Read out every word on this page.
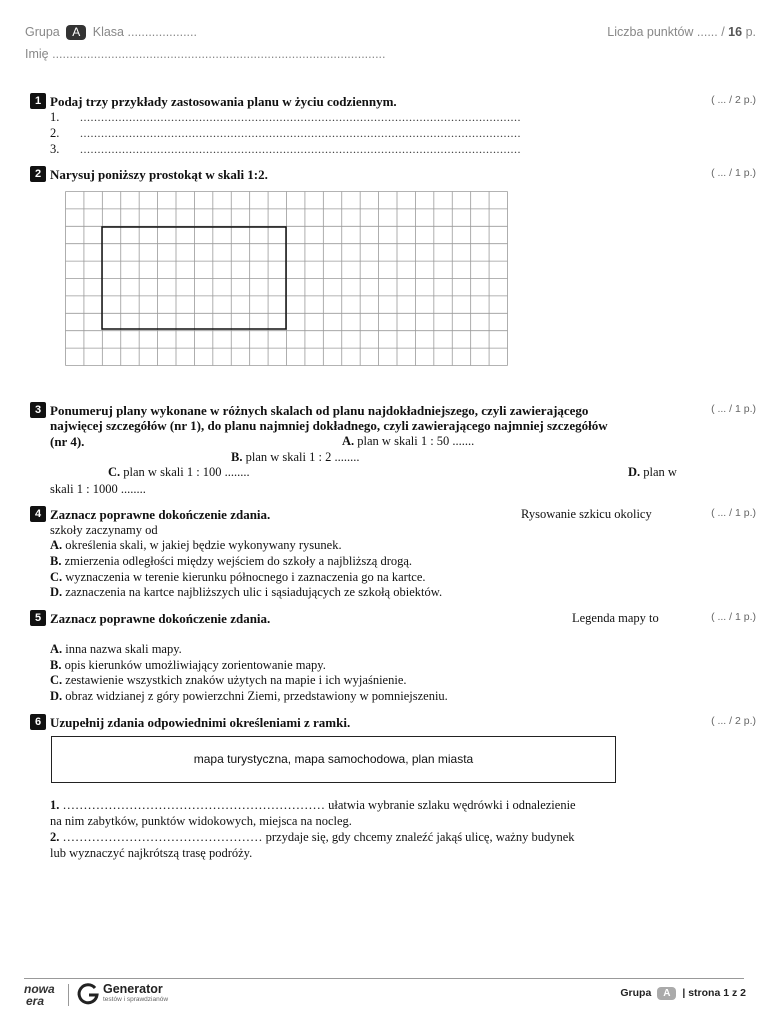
Grupa A Klasa ....................	Liczba punktów ...... / 16 p.
Imię ................................................................................................
1 Podaj trzy przykłady zastosowania planu w życiu codziennym.	( ... / 2 p.)
1. ..............................................................................................................................
2. ..............................................................................................................................
3. ..............................................................................................................................
2 Narysuj poniższy prostokąt w skali 1:2.	( ... / 1 p.)
3 Ponumeruj plany wykonane w różnych skalach od planu najdokładniejszego, czyli zawierającego	( ... / 1 p.)
najwięcej szczegółów (nr 1), do planu najmniej dokładnego, czyli zawierającego najmniej szczegółów
(nr 4).	A. plan w skali 1 : 50 .......
B. plan w skali 1 : 2 ........
C. plan w skali 1 : 100 ........	D. plan w
skali 1 : 1000 ........
4 Zaznacz poprawne dokończenie zdania.	Rysowanie szkicu okolicy	( ... / 1 p.)
szkoły zaczynamy od
A. określenia skali, w jakiej będzie wykonywany rysunek.
B. zmierzenia odległości między wejściem do szkoły a najbliższą drogą.
C. wyznaczenia w terenie kierunku północnego i zaznaczenia go na kartce.
D. zaznaczenia na kartce najbliższych ulic i sąsiadujących ze szkołą obiektów.
5 Zaznacz poprawne dokończenie zdania.	Legenda mapy to	( ... / 1 p.)
A. inna nazwa skali mapy.
B. opis kierunków umożliwiający zorientowanie mapy.
C. zestawienie wszystkich znaków użytych na mapie i ich wyjaśnienie.
D. obraz widzianej z góry powierzchni Ziemi, przedstawiony w pomniejszeniu.
6 Uzupełnij zdania odpowiednimi określeniami z ramki.	( ... / 2 p.)
mapa turystyczna, mapa samochodowa, plan miasta
1. ……………………………………………………… ułatwia wybranie szlaku wędrówki i odnalezienie
na nim zabytków, punktów widokowych, miejsca na nocleg.
2. ………………………………………… przydaje się, gdy chcemy znaleźć jakąś ulicę, ważny budynek
lub wyznaczyć najkrótszą trasę podróży.
nowa
era
Generator
testów i sprawdzianów
Grupa A | strona 1 z 2
